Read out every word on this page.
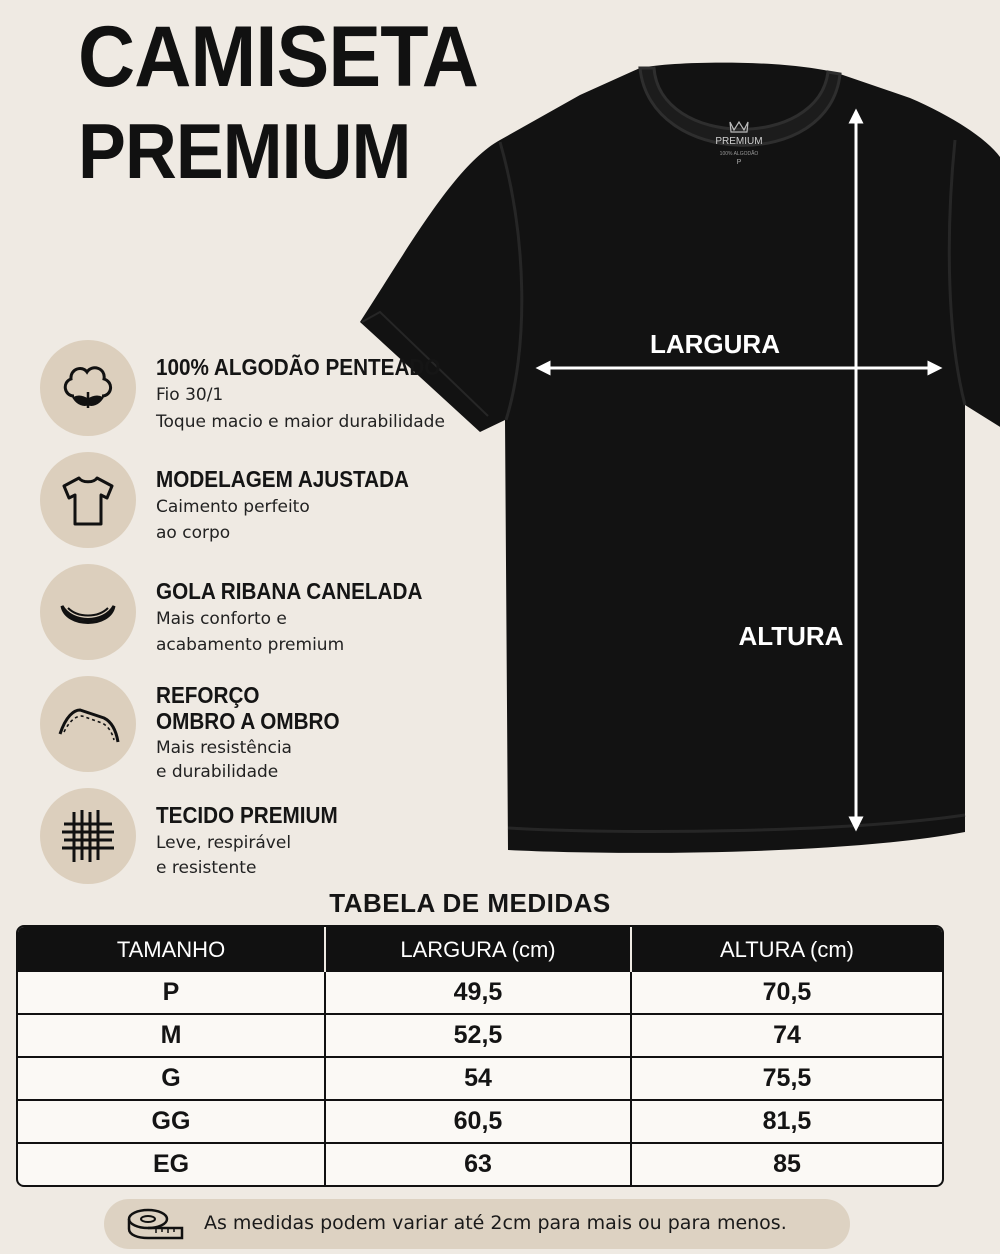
CAMISETA
PREMIUM	PREMIUM
100% ALGODÃO
P
LARGURA
ALTURA

100% ALGODÃO PENTEADO

Fio 30/1

Toque macio e maior durabilidade

MODELAGEM AJUSTADA

Caimento perfeito

ao corpo

GOLA RIBANA CANELADA

Mais conforto e

acabamento premium

REFORÇO

OMBRO A OMBRO

Mais resistência

e durabilidade

TECIDO PREMIUM

Leve, respirável

e resistente

TABELA DE MEDIDAS
TAMANHO	LARGURA (cm)	ALTURA (cm)
P	49,5	70,5
M	52,5	74
G	54	75,5
GG	60,5	81,5
EG	63	85
As medidas podem variar até 2cm para mais ou para menos.
